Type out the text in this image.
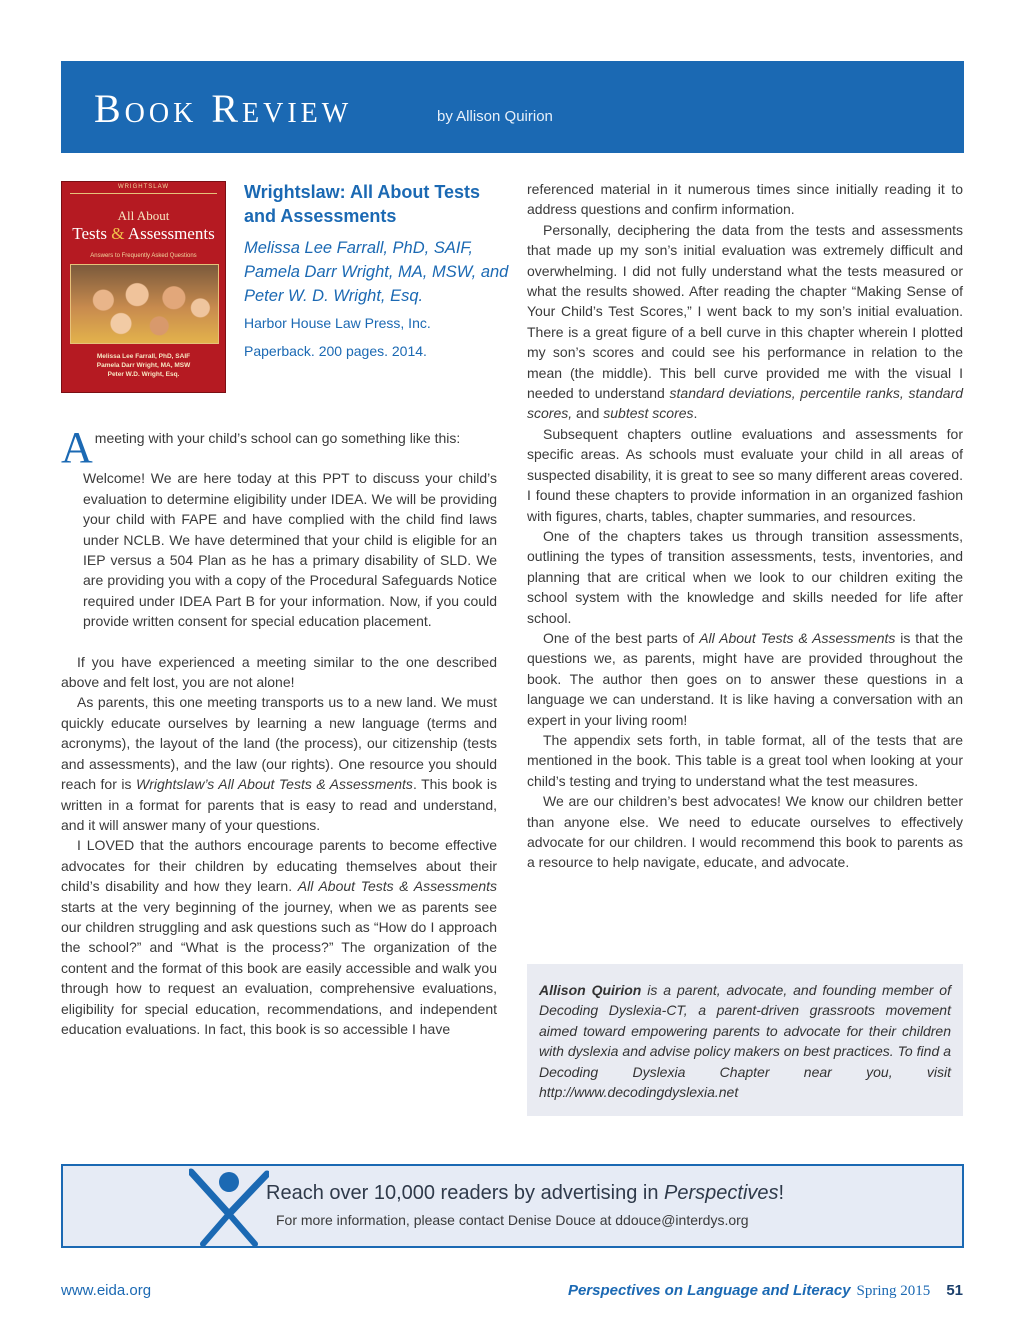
Book Review	by Allison Quirion
WRIGHTSLAW
All About
Tests & Assessments
Answers to Frequently Asked Questions
Melissa Lee Farrall, PhD, SAIF
Pamela Darr Wright, MA, MSW
Peter W.D. Wright, Esq.
Wrightslaw: All About Tests and Assessments
Melissa Lee Farrall, PhD, SAIF, Pamela Darr Wright, MA, MSW, and Peter W. D. Wright, Esq.
Harbor House Law Press, Inc.
Paperback. 200 pages. 2014.

Ameeting with your child’s school can go something like this:

Welcome! We are here today at this PPT to discuss your child’s evaluation to determine eligibility under IDEA. We will be providing your child with FAPE and have complied with the child find laws under NCLB. We have determined that your child is eligible for an IEP versus a 504 Plan as he has a primary disability of SLD. We are providing you with a copy of the Procedural Safeguards Notice required under IDEA Part B for your information. Now, if you could provide written consent for special education placement.

If you have experienced a meeting similar to the one described above and felt lost, you are not alone!

As parents, this one meeting transports us to a new land. We must quickly educate ourselves by learning a new language (terms and acronyms), the layout of the land (the process), our citizenship (tests and assessments), and the law (our rights). One resource you should reach for is Wrightslaw’s All About Tests & Assessments. This book is written in a format for parents that is easy to read and understand, and it will answer many of your questions.

I LOVED that the authors encourage parents to become effective advocates for their children by educating themselves about their child’s disability and how they learn. All About Tests & Assessments starts at the very beginning of the journey, when we as parents see our children struggling and ask questions such as “How do I approach the school?” and “What is the process?” The organization of the content and the format of this book are easily accessible and walk you through how to request an evaluation, comprehensive evaluations, eligibility for special education, recommendations, and independent education evaluations. In fact, this book is so accessible I have

referenced material in it numerous times since initially reading it to address questions and confirm information.

Personally, deciphering the data from the tests and assessments that made up my son’s initial evaluation was extremely difficult and overwhelming. I did not fully understand what the tests measured or what the results showed. After reading the chapter “Making Sense of Your Child’s Test Scores,” I went back to my son’s initial evaluation. There is a great figure of a bell curve in this chapter wherein I plotted my son’s scores and could see his performance in relation to the mean (the middle). This bell curve provided me with the visual I needed to understand standard deviations, percentile ranks, standard scores, and subtest scores.

Subsequent chapters outline evaluations and assessments for specific areas. As schools must evaluate your child in all areas of suspected disability, it is great to see so many different areas covered. I found these chapters to provide information in an organized fashion with figures, charts, tables, chapter summaries, and resources.

One of the chapters takes us through transition assessments, outlining the types of transition assessments, tests, inventories, and planning that are critical when we look to our children exiting the school system with the knowledge and skills needed for life after school.

One of the best parts of All About Tests & Assessments is that the questions we, as parents, might have are provided throughout the book. The author then goes on to answer these questions in a language we can understand. It is like having a conversation with an expert in your living room!

The appendix sets forth, in table format, all of the tests that are mentioned in the book. This table is a great tool when looking at your child’s testing and trying to understand what the test measures.

We are our children’s best advocates! We know our children better than anyone else. We need to educate ourselves to effectively advocate for our children. I would recommend this book to parents as a resource to help navigate, educate, and advocate.

Allison Quirion is a parent, advocate, and founding member of Decoding Dyslexia-CT, a parent-driven grassroots movement aimed toward empowering parents to advocate for their children with dyslexia and advise policy makers on best practices. To find a Decoding Dyslexia Chapter near you, visit http://www.decodingdyslexia.net

Reach over 10,000 readers by advertising in Perspectives!
For more information, please contact Denise Douce at ddouce@interdys.org
www.eida.org	Perspectives on Language and Literacy Spring 2015 51
